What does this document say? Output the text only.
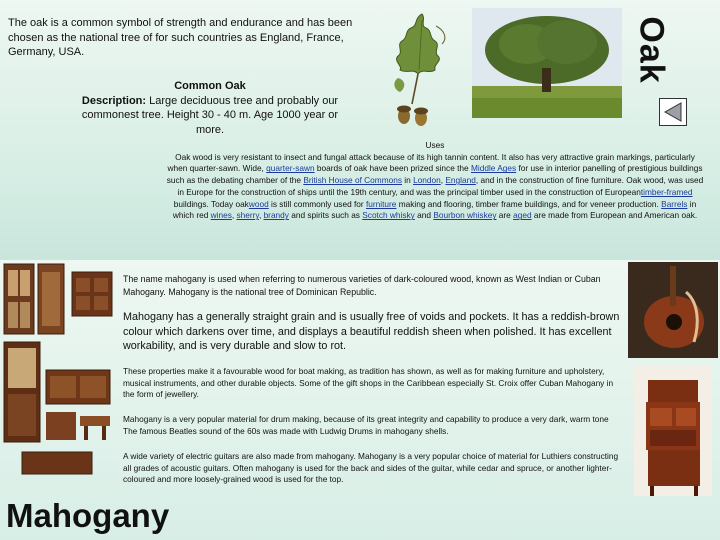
The oak is a common symbol of strength and endurance and has been chosen as the national tree of for such countries as England, France, Germany, USA.
Common Oak
Description: Large deciduous tree and probably our commonest tree. Height 30 - 40 m. Age 1000 year or more.
Oak
Uses
Oak wood is very resistant to insect and fungal attack because of its high tannin content. It also has very attractive grain markings, particularly when quarter-sawn. Wide, quarter-sawn boards of oak have been prized since the Middle Ages for use in interior panelling of prestigious buildings such as the debating chamber of the British House of Commons in London, England, and in the construction of fine furniture. Oak wood, was used in Europe for the construction of ships until the 19th century, and was the principal timber used in the construction of Europeantimber-framed buildings. Today oakwood is still commonly used for furniture making and flooring, timber frame buildings, and for veneer production. Barrels in which red wines, sherry, brandy and spirits such as Scotch whisky and Bourbon whiskey are aged are made from European and American oak.
The name mahogany is used when referring to numerous varieties of dark-coloured wood, known as West Indian or Cuban Mahogany. Mahogany is the national tree of Dominican Republic.
Mahogany has a generally straight grain and is usually free of voids and pockets. It has a reddish-brown colour which darkens over time, and displays a beautiful reddish sheen when polished. It has excellent workability, and is very durable and slow to rot.
These properties make it a favourable wood for boat making, as tradition has shown, as well as for making furniture and upholstery, musical instruments, and other durable objects. Some of the gift shops in the Caribbean especially St. Croix offer Cuban Mahogany in the form of jewellery.
Mahogany is a very popular material for drum making, because of its great integrity and capability to produce a very dark, warm tone The famous Beatles sound of the 60s was made with Ludwig Drums in mahogany shells.
A wide variety of electric guitars are also made from mahogany. Mahogany is a very popular choice of material for Luthiers constructing all grades of acoustic guitars. Often mahogany is used for the back and sides of the guitar, while cedar and spruce, or another lighter-coloured and more loosely-grained wood is used for the top.
Mahogany
